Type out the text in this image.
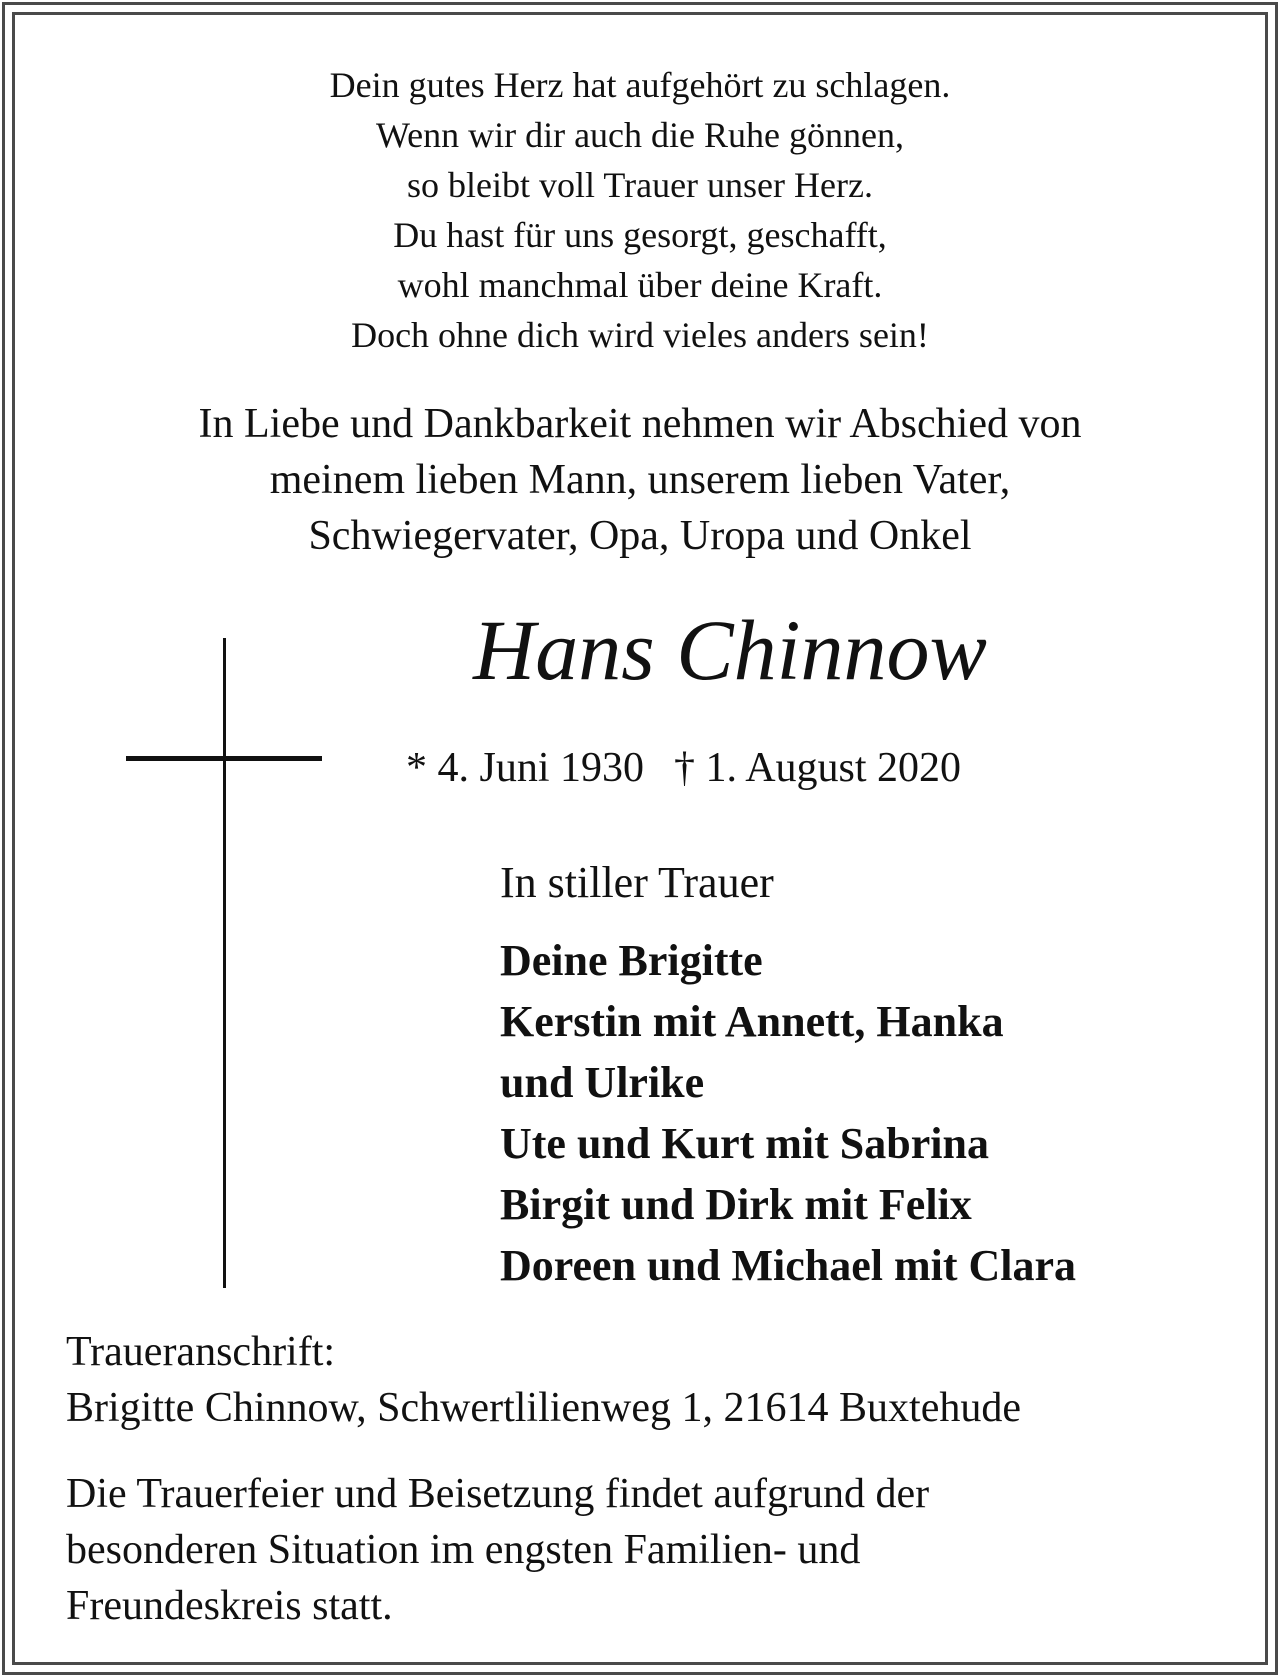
Dein gutes Herz hat aufgehört zu schlagen.
Wenn wir dir auch die Ruhe gönnen,
so bleibt voll Trauer unser Herz.
Du hast für uns gesorgt, geschafft,
wohl manchmal über deine Kraft.
Doch ohne dich wird vieles anders sein!
In Liebe und Dankbarkeit nehmen wir Abschied von
meinem lieben Mann, unserem lieben Vater,
Schwiegervater, Opa, Uropa und Onkel
Hans Chinnow
* 4. Juni 1930 † 1. August 2020
In stiller Trauer
Deine Brigitte
Kerstin mit Annett, Hanka
und Ulrike
Ute und Kurt mit Sabrina
Birgit und Dirk mit Felix
Doreen und Michael mit Clara
Traueranschrift:
Brigitte Chinnow, Schwertlilienweg 1, 21614 Buxtehude
Die Trauerfeier und Beisetzung findet aufgrund der
besonderen Situation im engsten Familien- und
Freundeskreis statt.
